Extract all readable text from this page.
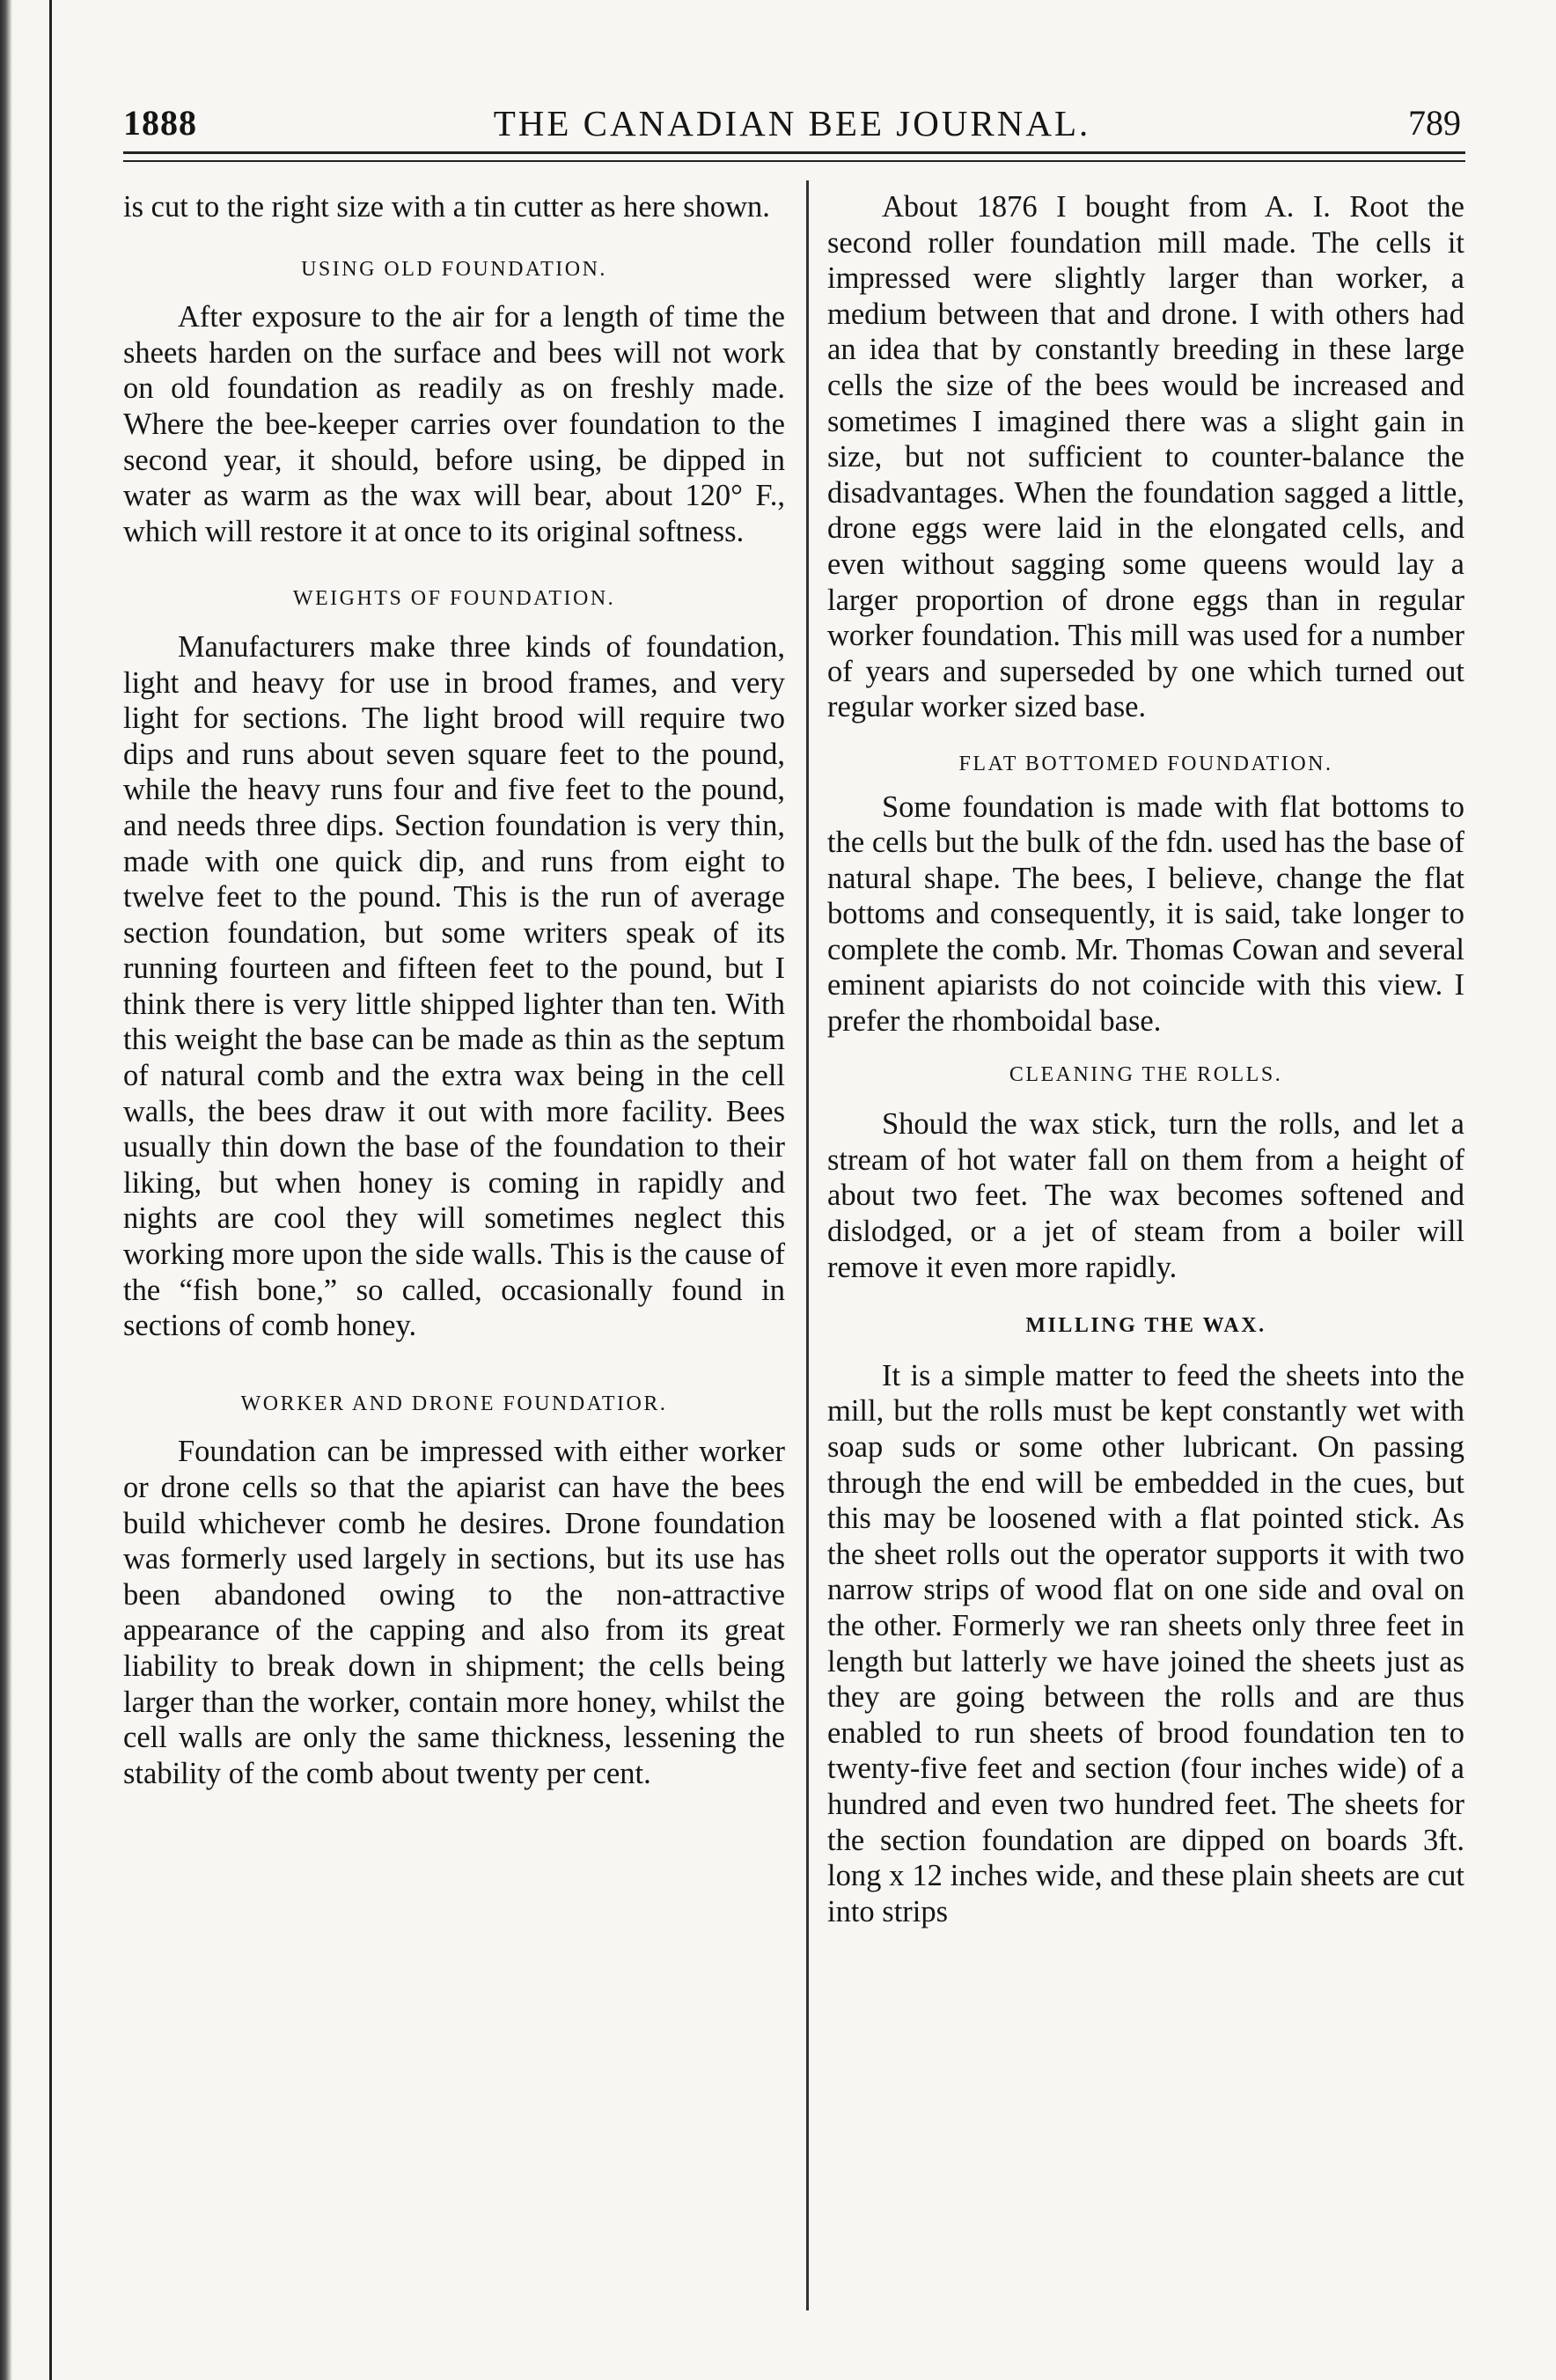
1888	THE CANADIAN BEE JOURNAL.	789

is cut to the right size with a tin cutter as here shown.

USING OLD FOUNDATION.

After exposure to the air for a length of time the sheets harden on the surface and bees will not work on old foundation as readily as on freshly made. Where the bee-keeper carries over foundation to the second year, it should, before using, be dipped in water as warm as the wax will bear, about 120° F., which will restore it at once to its original softness.

WEIGHTS OF FOUNDATION.

Manufacturers make three kinds of foundation, light and heavy for use in brood frames, and very light for sections. The light brood will require two dips and runs about seven square feet to the pound, while the heavy runs four and five feet to the pound, and needs three dips. Section foundation is very thin, made with one quick dip, and runs from eight to twelve feet to the pound. This is the run of average section foundation, but some writers speak of its running fourteen and fifteen feet to the pound, but I think there is very little shipped lighter than ten. With this weight the base can be made as thin as the septum of natural comb and the extra wax being in the cell walls, the bees draw it out with more facility. Bees usually thin down the base of the foundation to their liking, but when honey is coming in rapidly and nights are cool they will sometimes neglect this working more upon the side walls. This is the cause of the “fish bone,” so called, occasionally found in sections of comb honey.

WORKER AND DRONE FOUNDATIOR.

Foundation can be impressed with either worker or drone cells so that the apiarist can have the bees build whichever comb he desires. Drone foundation was formerly used largely in sections, but its use has been abandoned owing to the non-attractive appearance of the capping and also from its great liability to break down in shipment; the cells being larger than the worker, contain more honey, whilst the cell walls are only the same thickness, lessening the stability of the comb about twenty per cent.

About 1876 I bought from A. I. Root the second roller foundation mill made. The cells it impressed were slightly larger than worker, a medium between that and drone. I with others had an idea that by constantly breeding in these large cells the size of the bees would be increased and sometimes I imagined there was a slight gain in size, but not sufficient to counter-balance the disadvantages. When the foundation sagged a little, drone eggs were laid in the elongated cells, and even without sagging some queens would lay a larger proportion of drone eggs than in regular worker foundation. This mill was used for a number of years and superseded by one which turned out regular worker sized base.

FLAT BOTTOMED FOUNDATION.

Some foundation is made with flat bottoms to the cells but the bulk of the fdn. used has the base of natural shape. The bees, I believe, change the flat bottoms and consequently, it is said, take longer to complete the comb. Mr. Thomas Cowan and several eminent apiarists do not coincide with this view. I prefer the rhomboidal base.

CLEANING THE ROLLS.

Should the wax stick, turn the rolls, and let a stream of hot water fall on them from a height of about two feet. The wax becomes softened and dislodged, or a jet of steam from a boiler will remove it even more rapidly.

MILLING THE WAX.

It is a simple matter to feed the sheets into the mill, but the rolls must be kept constantly wet with soap suds or some other lubricant. On passing through the end will be embedded in the cues, but this may be loosened with a flat pointed stick. As the sheet rolls out the operator supports it with two narrow strips of wood flat on one side and oval on the other. Formerly we ran sheets only three feet in length but latterly we have joined the sheets just as they are going between the rolls and are thus enabled to run sheets of brood foundation ten to twenty-five feet and section (four inches wide) of a hundred and even two hundred feet. The sheets for the section foundation are dipped on boards 3ft. long x 12 inches wide, and these plain sheets are cut into strips
